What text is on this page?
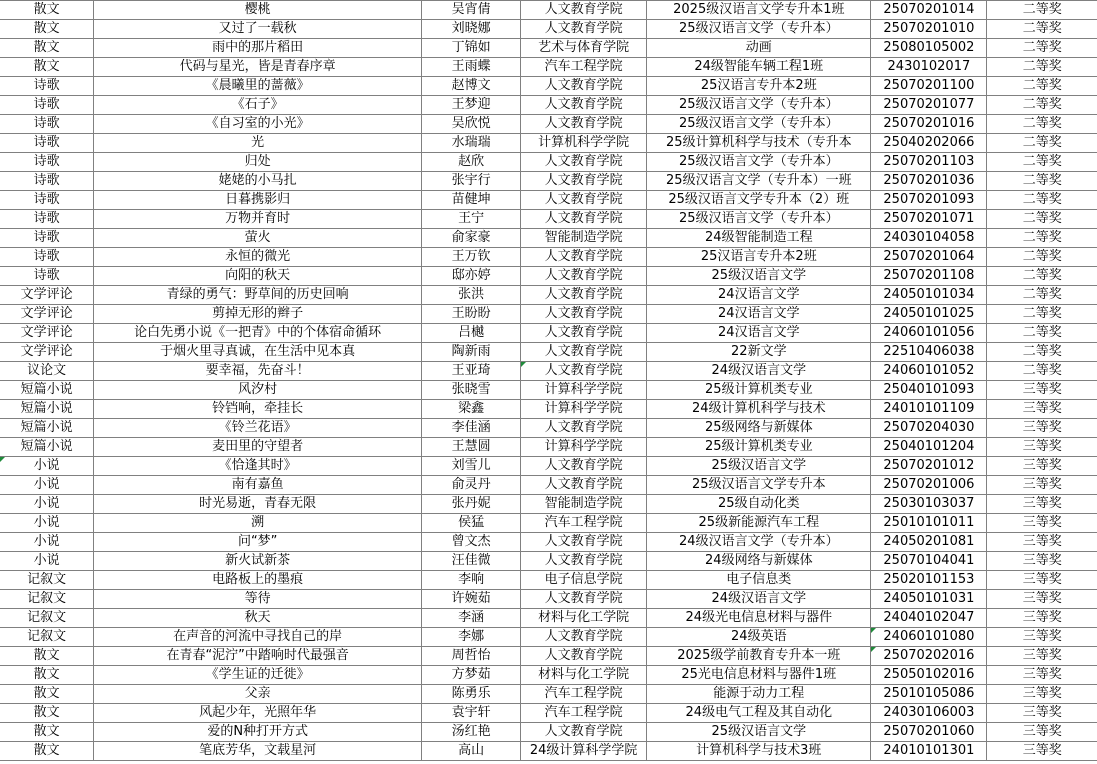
散文	樱桃	吴宵倩	人文教育学院	2025级汉语言文学专升本1班	25070201014	二等奖
散文	又过了一载秋	刘晓娜	人文教育学院	25级汉语言文学（专升本）	25070201010	二等奖
散文	雨中的那片稻田	丁锦如	艺术与体育学院	动画	25080105002	二等奖
散文	代码与星光，皆是青春序章	王雨蝶	汽车工程学院	24级智能车辆工程1班	2430102017	二等奖
诗歌	《晨曦里的蔷薇》	赵博文	人文教育学院	25汉语言专升本2班	25070201100	二等奖
诗歌	《石子》	王梦迎	人文教育学院	25级汉语言文学（专升本）	25070201077	二等奖
诗歌	《自习室的小光》	吴欣悦	人文教育学院	25级汉语言文学（专升本）	25070201016	二等奖
诗歌	光	水瑞瑞	计算机科学学院	25级计算机科学与技术（专升本	25040202066	二等奖
诗歌	归处	赵欣	人文教育学院	25级汉语言文学（专升本）	25070201103	二等奖
诗歌	姥姥的小马扎	张宇行	人文教育学院	25级汉语言文学（专升本）一班	25070201036	二等奖
诗歌	日暮携影归	苗健坤	人文教育学院	25级汉语言文学专升本（2）班	25070201093	二等奖
诗歌	万物并育时	王宁	人文教育学院	25级汉语言文学（专升本）	25070201071	二等奖
诗歌	萤火	俞家豪	智能制造学院	24级智能制造工程	24030104058	二等奖
诗歌	永恒的微光	王万钦	人文教育学院	25汉语言专升本2班	25070201064	二等奖
诗歌	向阳的秋天	邸亦婷	人文教育学院	25级汉语言文学	25070201108	二等奖
文学评论	青绿的勇气：野草间的历史回响	张洪	人文教育学院	24汉语言文学	24050101034	二等奖
文学评论	剪掉无形的辫子	王盼盼	人文教育学院	24汉语言文学	24050101025	二等奖
文学评论	论白先勇小说《一把青》中的个体宿命循环	吕樾	人文教育学院	24汉语言文学	24060101056	二等奖
文学评论	于烟火里寻真诚，在生活中见本真	陶新雨	人文教育学院	22新文学	22510406038	二等奖
议论文	要幸福，先奋斗！	王亚琦	人文教育学院	24级汉语言文学	24060101052	二等奖
短篇小说	风汐村	张晓雪	计算科学学院	25级计算机类专业	25040101093	三等奖
短篇小说	铃铛响，牵挂长	梁鑫	计算科学学院	24级计算机科学与技术	24010101109	三等奖
短篇小说	《铃兰花语》	李佳涵	人文教育学院	25级网络与新媒体	25070204030	三等奖
短篇小说	麦田里的守望者	王慧圆	计算科学学院	25级计算机类专业	25040101204	三等奖
小说	《恰逢其时》	刘雪儿	人文教育学院	25级汉语言文学	25070201012	三等奖
小说	南有嘉鱼	俞灵丹	人文教育学院	25级汉语言文学专升本	25070201006	三等奖
小说	时光易逝，青春无限	张丹妮	智能制造学院	25级自动化类	25030103037	三等奖
小说	溯	侯猛	汽车工程学院	25级新能源汽车工程	25010101011	三等奖
小说	问“梦”	曾文杰	人文教育学院	24级汉语言文学（专升本）	24050201081	三等奖
小说	新火试新茶	汪佳微	人文教育学院	24级网络与新媒体	25070104041	三等奖
记叙文	电路板上的墨痕	李响	电子信息学院	电子信息类	25020101153	三等奖
记叙文	等待	许婉茹	人文教育学院	24级汉语言文学	24050101031	三等奖
记叙文	秋天	李涵	材料与化工学院	24级光电信息材料与器件	24040102047	三等奖
记叙文	在声音的河流中寻找自己的岸	李娜	人文教育学院	24级英语	24060101080	三等奖
散文	在青春“泥泞”中踏响时代最强音	周哲怡	人文教育学院	2025级学前教育专升本一班	25070202016	三等奖
散文	《学生证的迁徙》	方梦茹	材料与化工学院	25光电信息材料与器件1班	25050102016	三等奖
散文	父亲	陈勇乐	汽车工程学院	能源于动力工程	25010105086	三等奖
散文	风起少年，光照年华	袁宇轩	汽车工程学院	24级电气工程及其自动化	24030106003	三等奖
散文	爱的N种打开方式	汤红艳	人文教育学院	25级汉语言文学	25070201060	三等奖
散文	笔底芳华，文载星河	高山	24级计算科学学院	计算机科学与技术3班	24010101301	三等奖
